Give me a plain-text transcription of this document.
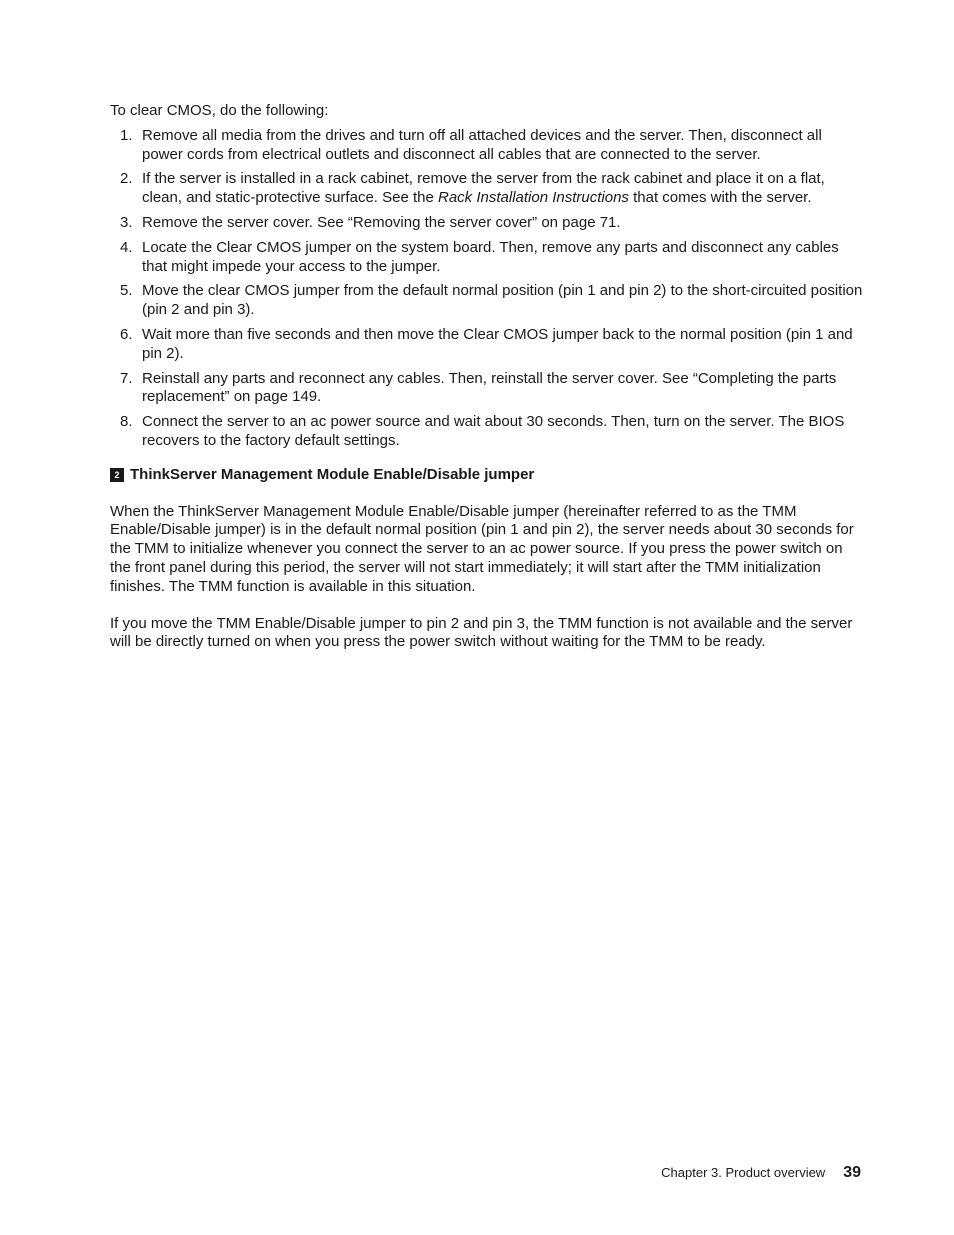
To clear CMOS, do the following:

1. Remove all media from the drives and turn off all attached devices and the server. Then, disconnect all power cords from electrical outlets and disconnect all cables that are connected to the server.
2. If the server is installed in a rack cabinet, remove the server from the rack cabinet and place it on a flat, clean, and static-protective surface. See the Rack Installation Instructions that comes with the server.
3. Remove the server cover. See “Removing the server cover” on page 71.
4. Locate the Clear CMOS jumper on the system board. Then, remove any parts and disconnect any cables that might impede your access to the jumper.
5. Move the clear CMOS jumper from the default normal position (pin 1 and pin 2) to the short-circuited position (pin 2 and pin 3).
6. Wait more than five seconds and then move the Clear CMOS jumper back to the normal position (pin 1 and pin 2).
7. Reinstall any parts and reconnect any cables. Then, reinstall the server cover. See “Completing the parts replacement” on page 149.
8. Connect the server to an ac power source and wait about 30 seconds. Then, turn on the server. The BIOS recovers to the factory default settings.
2 ThinkServer Management Module Enable/Disable jumper

When the ThinkServer Management Module Enable/Disable jumper (hereinafter referred to as the TMM Enable/Disable jumper) is in the default normal position (pin 1 and pin 2), the server needs about 30 seconds for the TMM to initialize whenever you connect the server to an ac power source. If you press the power switch on the front panel during this period, the server will not start immediately; it will start after the TMM initialization finishes. The TMM function is available in this situation.

If you move the TMM Enable/Disable jumper to pin 2 and pin 3, the TMM function is not available and the server will be directly turned on when you press the power switch without waiting for the TMM to be ready.

Chapter 3. Product overview 39
